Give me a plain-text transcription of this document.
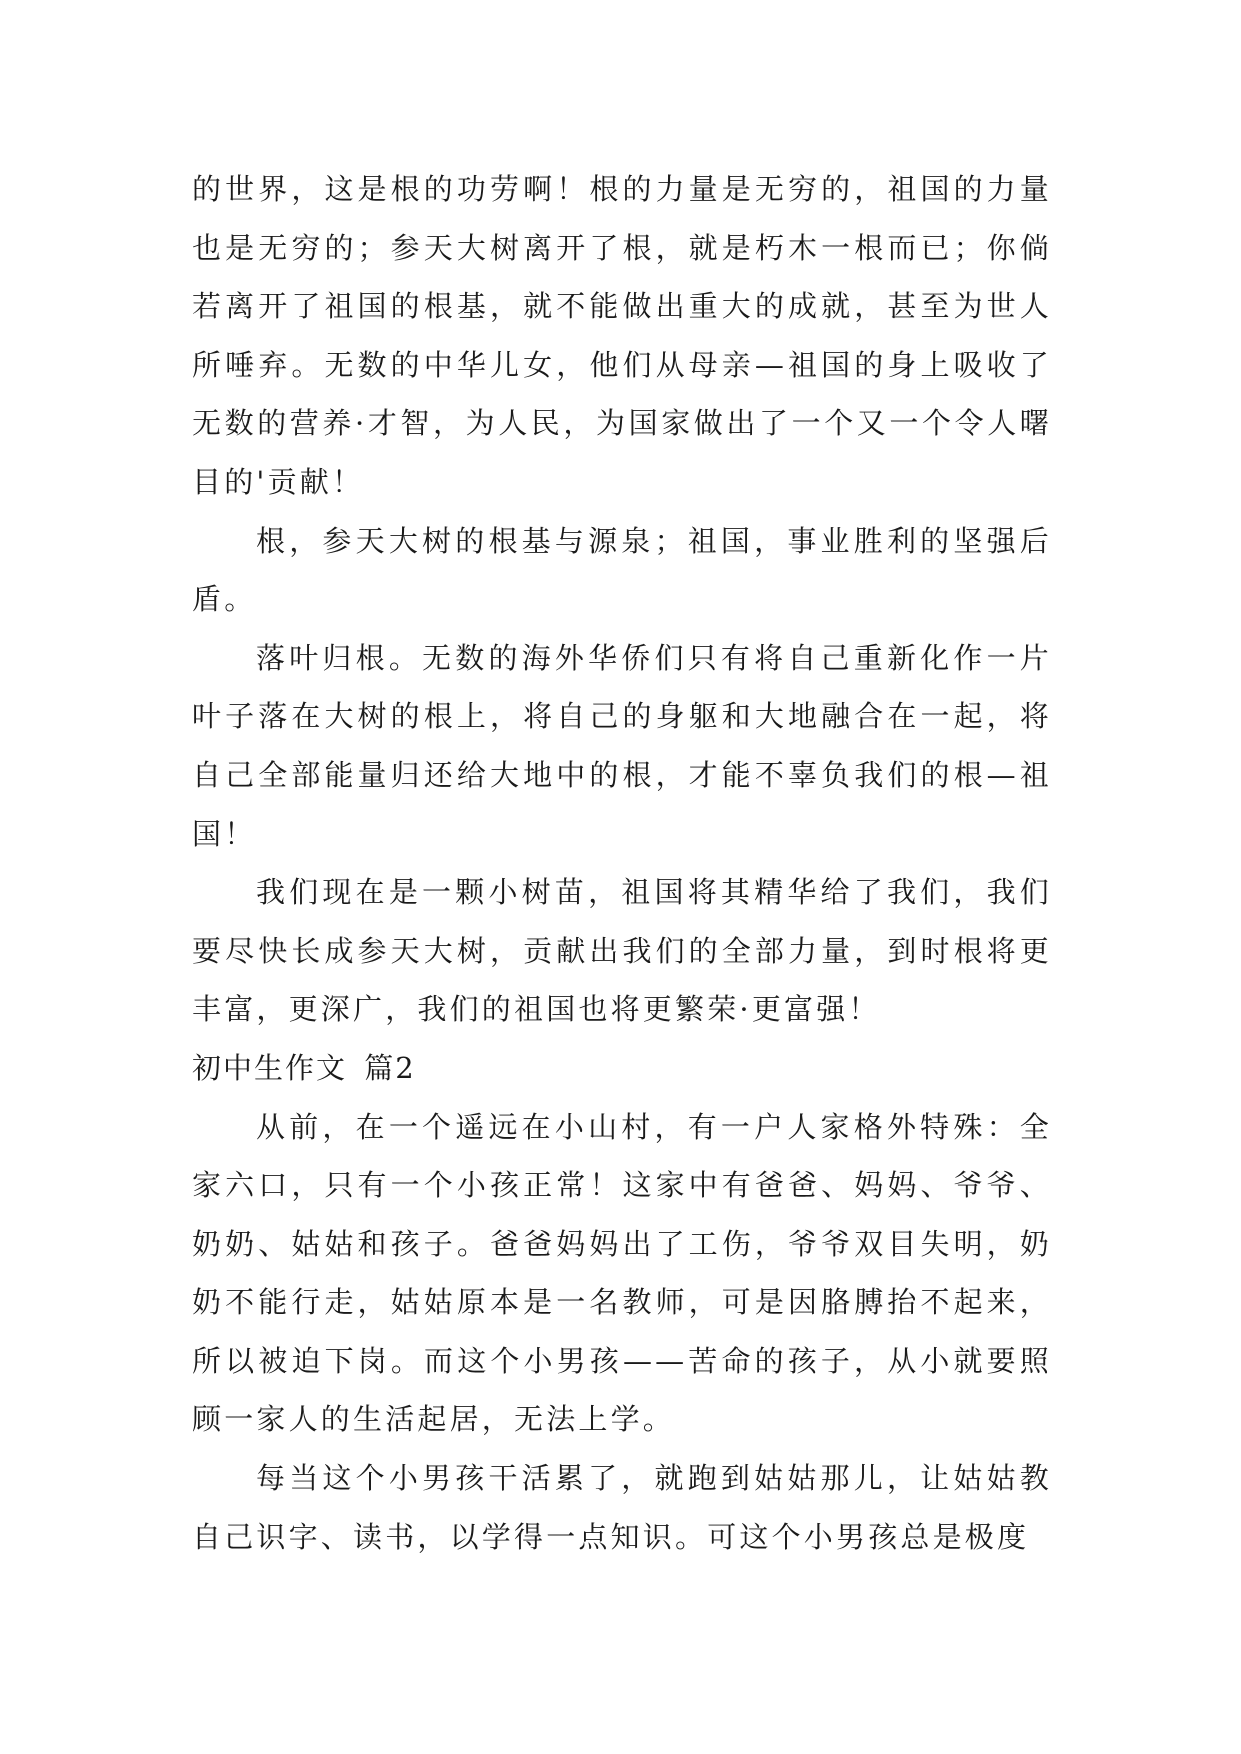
的世界，这是根的功劳啊！根的力量是无穷的，祖国的力量也是无穷的；参天大树离开了根，就是朽木一根而已；你倘若离开了祖国的根基，就不能做出重大的成就，甚至为世人所唾弃。无数的中华儿女，他们从母亲—祖国的身上吸收了无数的营养·才智，为人民，为国家做出了一个又一个令人曙目的'贡献！

根，参天大树的根基与源泉；祖国，事业胜利的坚强后盾。

落叶归根。无数的海外华侨们只有将自己重新化作一片叶子落在大树的根上，将自己的身躯和大地融合在一起，将自己全部能量归还给大地中的根，才能不辜负我们的根—祖国！

我们现在是一颗小树苗，祖国将其精华给了我们，我们要尽快长成参天大树，贡献出我们的全部力量，到时根将更丰富，更深广，我们的祖国也将更繁荣·更富强！

初中生作文 篇2

从前，在一个遥远在小山村，有一户人家格外特殊：全家六口，只有一个小孩正常！这家中有爸爸、妈妈、爷爷、奶奶、姑姑和孩子。爸爸妈妈出了工伤，爷爷双目失明，奶奶不能行走，姑姑原本是一名教师，可是因胳膊抬不起来，所以被迫下岗。而这个小男孩——苦命的孩子，从小就要照顾一家人的生活起居，无法上学。

每当这个小男孩干活累了，就跑到姑姑那儿，让姑姑教自己识字、读书，以学得一点知识。可这个小男孩总是极度
